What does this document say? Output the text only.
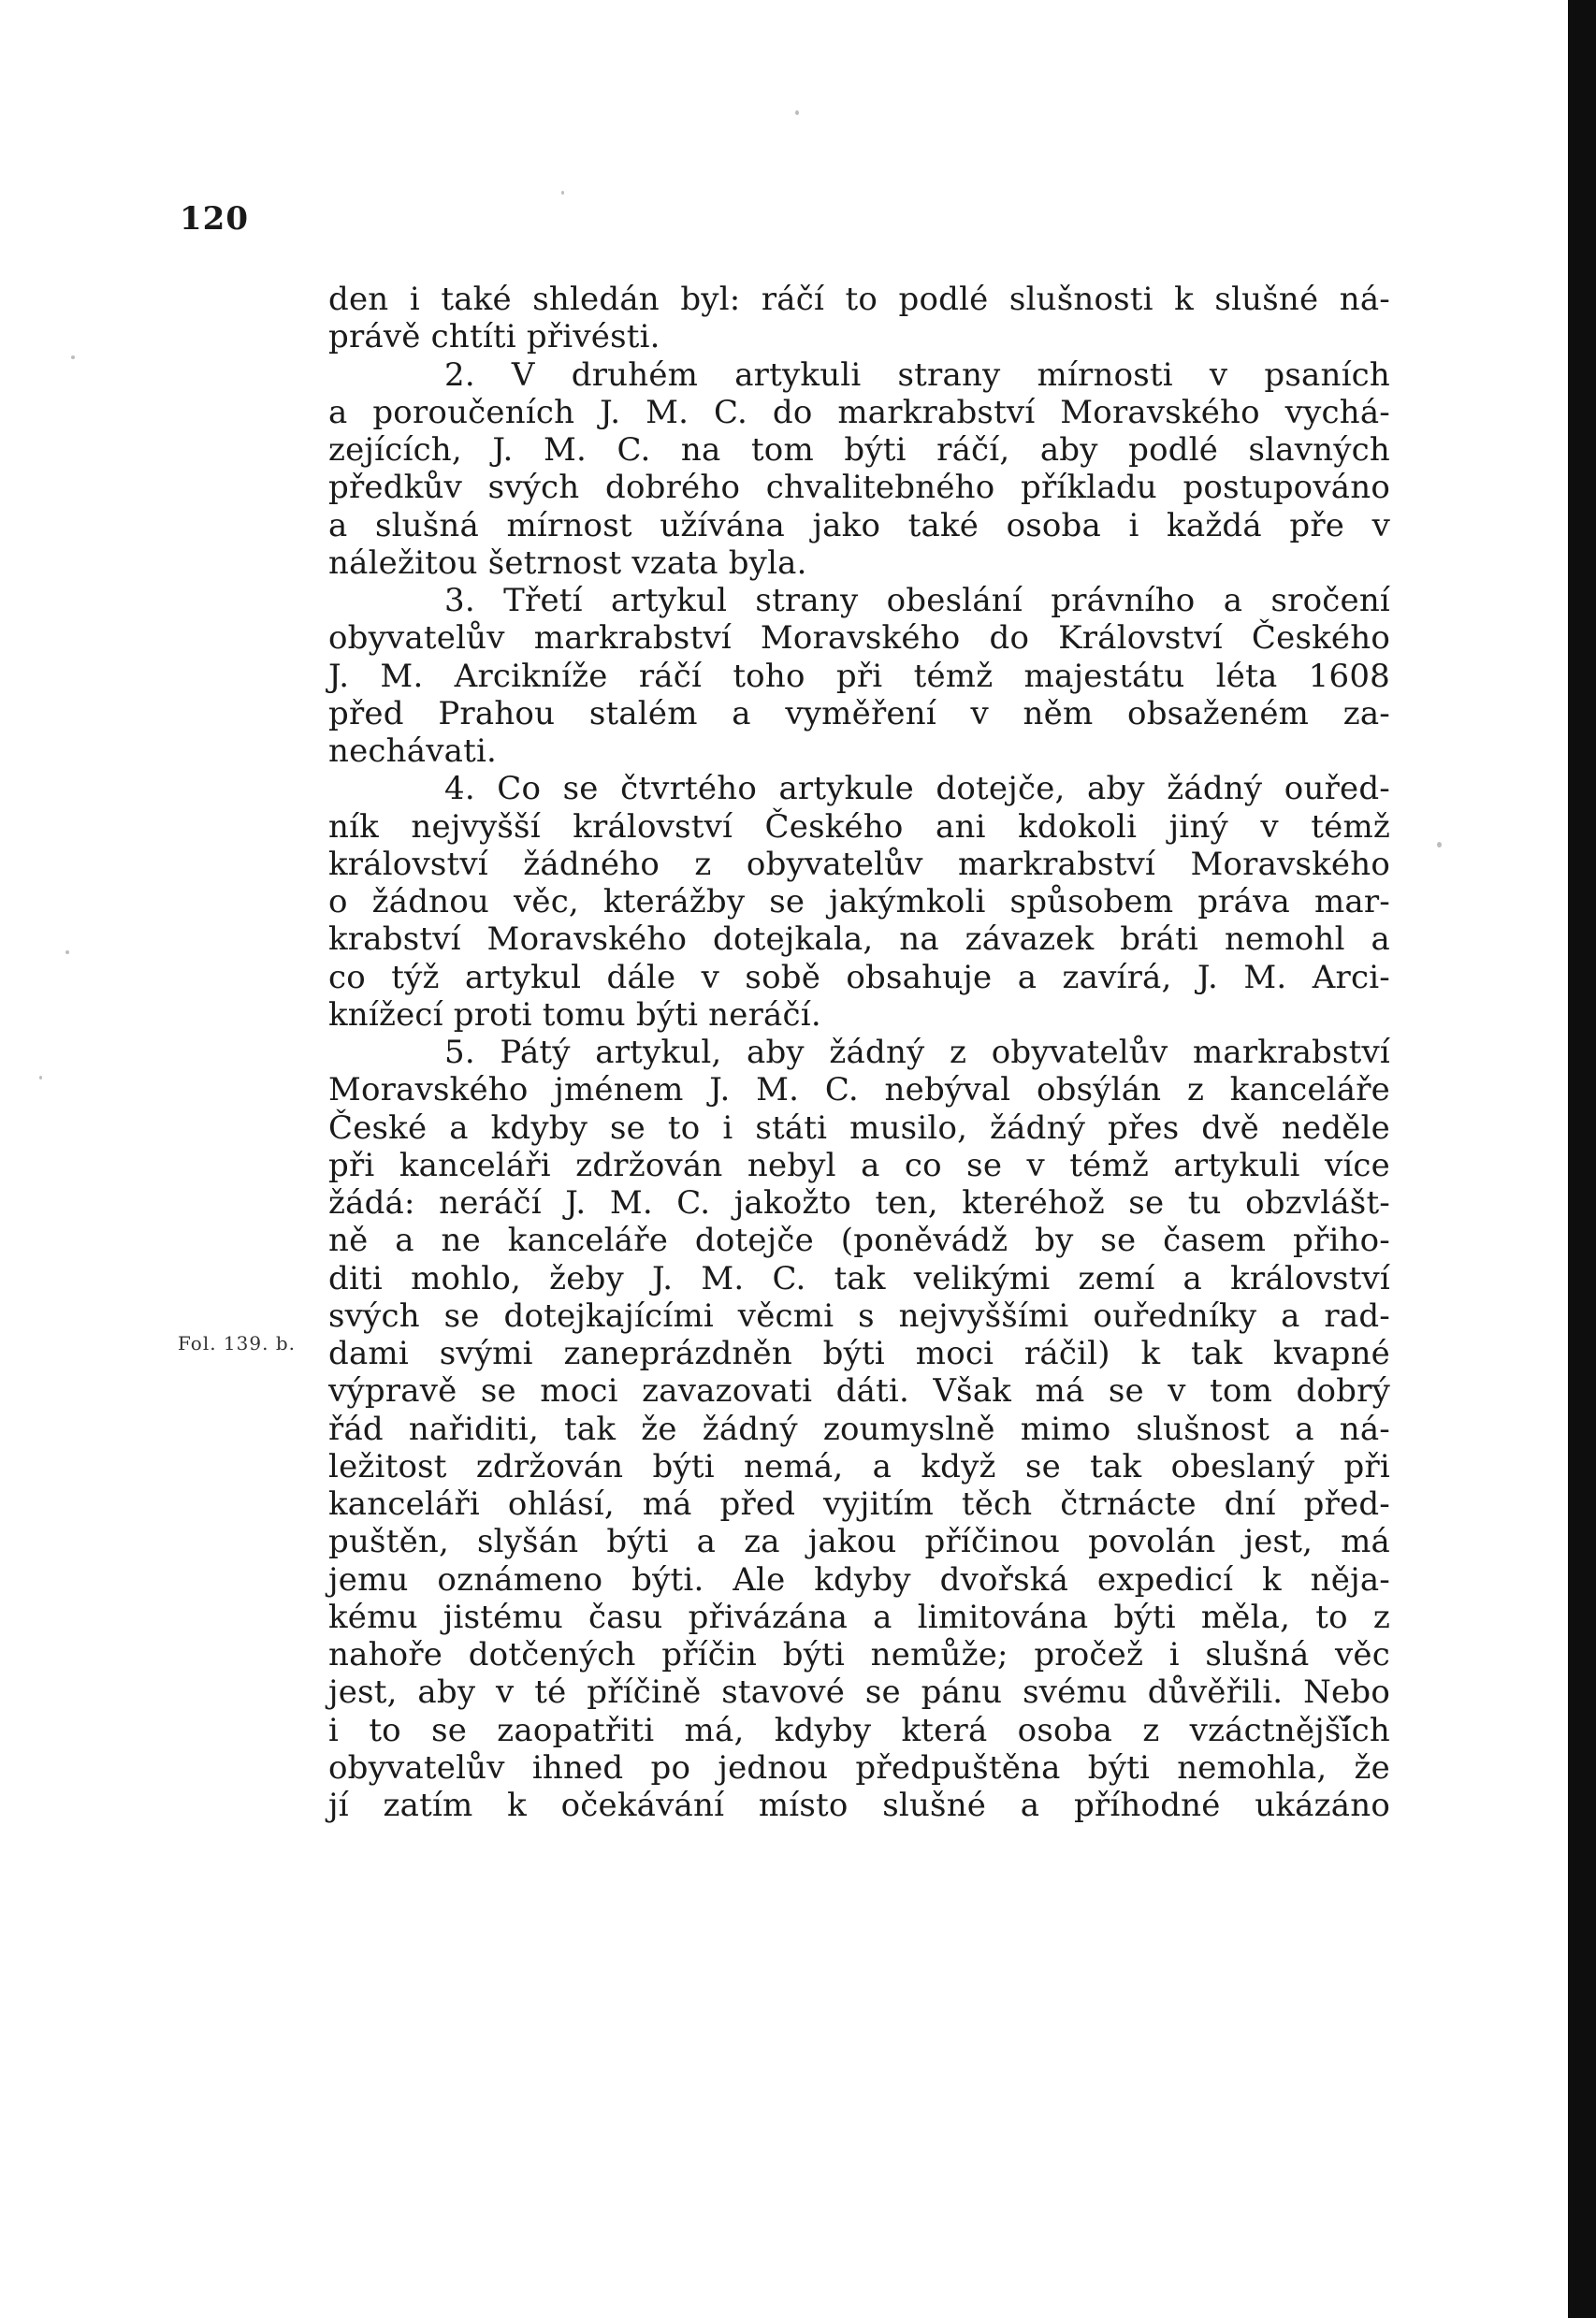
120
Fol. 139. b.
den i také shledán byl: ráčí to podlé slušnosti k slušné ná-
právě chtíti přivésti.
2. V druhém artykuli strany mírnosti v psaních
a poroučeních J. M. C. do markrabství Moravského vychá-
zejících, J. M. C. na tom býti ráčí, aby podlé slavných
předkův svých dobrého chvalitebného příkladu postupováno
a slušná mírnost užívána jako také osoba i každá pře v
náležitou šetrnost vzata byla.
3. Třetí artykul strany obeslání právního a sročení
obyvatelův markrabství Moravského do Království Českého
J. M. Arcikníže ráčí toho při témž majestátu léta 1608
před Prahou stalém a vyměření v něm obsaženém za-
nechávati.
4. Co se čtvrtého artykule dotejče, aby žádný ouřed-
ník nejvyšší království Českého ani kdokoli jiný v témž
království žádného z obyvatelův markrabství Moravského
o žádnou věc, kterážby se jakýmkoli spůsobem práva mar-
krabství Moravského dotejkala, na závazek bráti nemohl a
co týž artykul dále v sobě obsahuje a zavírá, J. M. Arci-
knížecí proti tomu býti neráčí.
5. Pátý artykul, aby žádný z obyvatelův markrabství
Moravského jménem J. M. C. nebýval obsýlán z kanceláře
České a kdyby se to i státi musilo, žádný přes dvě neděle
při kanceláři zdržován nebyl a co se v témž artykuli více
žádá: neráčí J. M. C. jakožto ten, kteréhož se tu obzvlášt-
ně a ne kanceláře dotejče (poněvádž by se časem přiho-
diti mohlo, žeby J. M. C. tak velikými zemí a království
svých se dotejkajícími věcmi s nejvyššími ouředníky a rad-
dami svými zaneprázdněn býti moci ráčil) k tak kvapné
výpravě se moci zavazovati dáti. Však má se v tom dobrý
řád nařiditi, tak že žádný zoumyslně mimo slušnost a ná-
ležitost zdržován býti nemá, a když se tak obeslaný při
kanceláři ohlásí, má před vyjitím těch čtrnácte dní před-
puštěn, slyšán býti a za jakou příčinou povolán jest, má
jemu oznámeno býti. Ale kdyby dvořská expedicí k něja-
kému jistému času přivázána a limitována býti měla, to z
nahoře dotčených příčin býti nemůže; pročež i slušná věc
jest, aby v té příčině stavové se pánu svému důvěřili. Nebo
i to se zaopatřiti má, kdyby která osoba z vzáctnější̌ch
obyvatelův ihned po jednou předpuštěna býti nemohla, že
jí zatím k očekávání místo slušné a příhodné ukázáno
